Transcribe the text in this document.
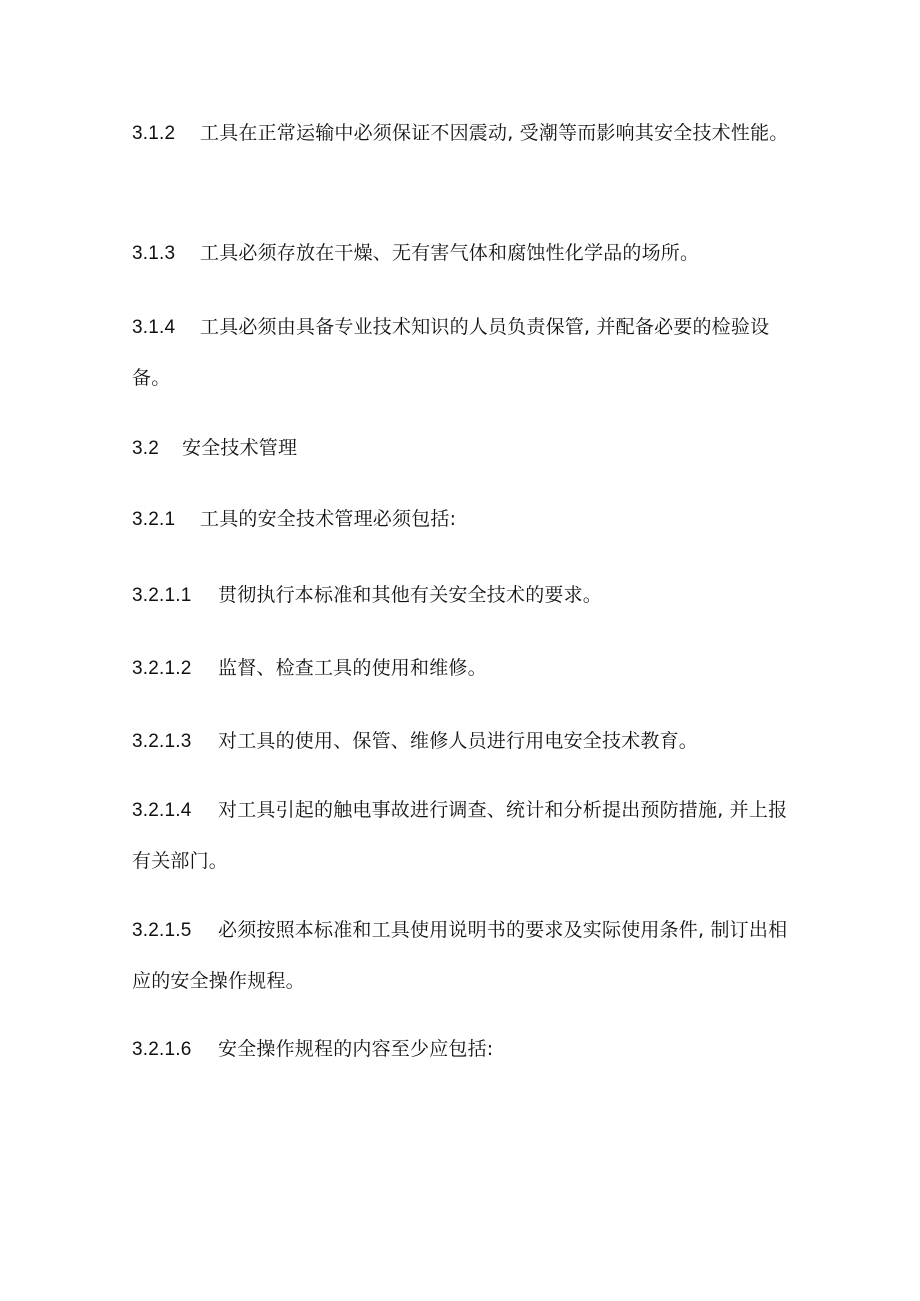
3.1.2 工具在正常运输中必须保证不因震动, 受潮等而影响其安全技术性能。

3.1.3 工具必须存放在干燥、无有害气体和腐蚀性化学品的场所。

3.1.4 工具必须由具备专业技术知识的人员负责保管, 并配备必要的检验设备。

3.2 安全技术管理

3.2.1 工具的安全技术管理必须包括:

3.2.1.1 贯彻执行本标准和其他有关安全技术的要求。

3.2.1.2 监督、检查工具的使用和维修。

3.2.1.3 对工具的使用、保管、维修人员进行用电安全技术教育。

3.2.1.4 对工具引起的触电事故进行调查、统计和分析提出预防措施, 并上报有关部门。

3.2.1.5 必须按照本标准和工具使用说明书的要求及实际使用条件, 制订出相应的安全操作规程。

3.2.1.6 安全操作规程的内容至少应包括:
